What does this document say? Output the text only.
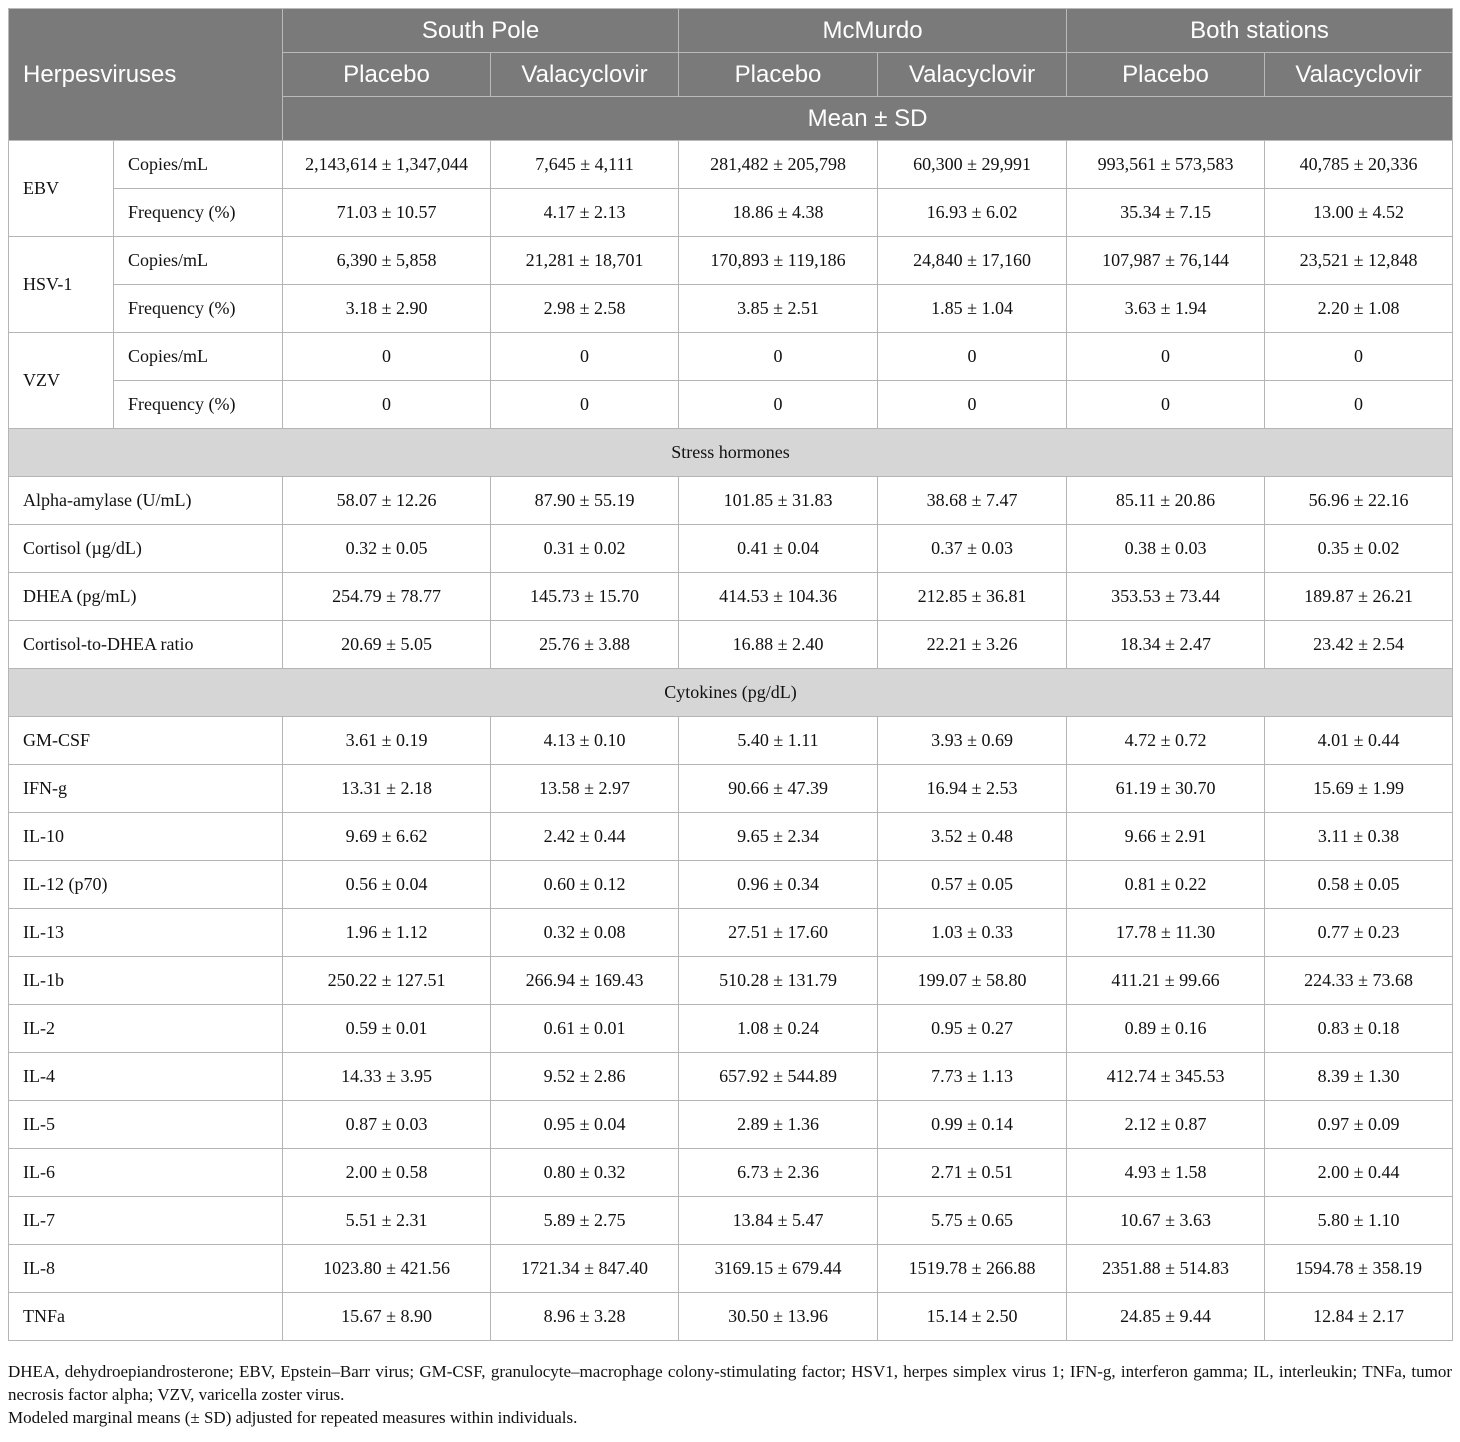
Herpesviruses		South Pole		McMurdo		Both stations	
		Placebo	Valacyclovir	Placebo	Valacyclovir	Placebo	Valacyclovir
		Mean ± SD					
EBV	Copies/mL	2,143,614 ± 1,347,044	7,645 ± 4,111	281,482 ± 205,798	60,300 ± 29,991	993,561 ± 573,583	40,785 ± 20,336
	Frequency (%)	71.03 ± 10.57	4.17 ± 2.13	18.86 ± 4.38	16.93 ± 6.02	35.34 ± 7.15	13.00 ± 4.52
HSV-1	Copies/mL	6,390 ± 5,858	21,281 ± 18,701	170,893 ± 119,186	24,840 ± 17,160	107,987 ± 76,144	23,521 ± 12,848
	Frequency (%)	3.18 ± 2.90	2.98 ± 2.58	3.85 ± 2.51	1.85 ± 1.04	3.63 ± 1.94	2.20 ± 1.08
VZV	Copies/mL	0	0	0	0	0	0
	Frequency (%)	0	0	0	0	0	0
Stress hormones							
Alpha-amylase (U/mL)		58.07 ± 12.26	87.90 ± 55.19	101.85 ± 31.83	38.68 ± 7.47	85.11 ± 20.86	56.96 ± 22.16
Cortisol (µg/dL)		0.32 ± 0.05	0.31 ± 0.02	0.41 ± 0.04	0.37 ± 0.03	0.38 ± 0.03	0.35 ± 0.02
DHEA (pg/mL)		254.79 ± 78.77	145.73 ± 15.70	414.53 ± 104.36	212.85 ± 36.81	353.53 ± 73.44	189.87 ± 26.21
Cortisol-to-DHEA ratio		20.69 ± 5.05	25.76 ± 3.88	16.88 ± 2.40	22.21 ± 3.26	18.34 ± 2.47	23.42 ± 2.54
Cytokines (pg/dL)							
GM-CSF		3.61 ± 0.19	4.13 ± 0.10	5.40 ± 1.11	3.93 ± 0.69	4.72 ± 0.72	4.01 ± 0.44
IFN-g		13.31 ± 2.18	13.58 ± 2.97	90.66 ± 47.39	16.94 ± 2.53	61.19 ± 30.70	15.69 ± 1.99
IL-10		9.69 ± 6.62	2.42 ± 0.44	9.65 ± 2.34	3.52 ± 0.48	9.66 ± 2.91	3.11 ± 0.38
IL-12 (p70)		0.56 ± 0.04	0.60 ± 0.12	0.96 ± 0.34	0.57 ± 0.05	0.81 ± 0.22	0.58 ± 0.05
IL-13		1.96 ± 1.12	0.32 ± 0.08	27.51 ± 17.60	1.03 ± 0.33	17.78 ± 11.30	0.77 ± 0.23
IL-1b		250.22 ± 127.51	266.94 ± 169.43	510.28 ± 131.79	199.07 ± 58.80	411.21 ± 99.66	224.33 ± 73.68
IL-2		0.59 ± 0.01	0.61 ± 0.01	1.08 ± 0.24	0.95 ± 0.27	0.89 ± 0.16	0.83 ± 0.18
IL-4		14.33 ± 3.95	9.52 ± 2.86	657.92 ± 544.89	7.73 ± 1.13	412.74 ± 345.53	8.39 ± 1.30
IL-5		0.87 ± 0.03	0.95 ± 0.04	2.89 ± 1.36	0.99 ± 0.14	2.12 ± 0.87	0.97 ± 0.09
IL-6		2.00 ± 0.58	0.80 ± 0.32	6.73 ± 2.36	2.71 ± 0.51	4.93 ± 1.58	2.00 ± 0.44
IL-7		5.51 ± 2.31	5.89 ± 2.75	13.84 ± 5.47	5.75 ± 0.65	10.67 ± 3.63	5.80 ± 1.10
IL-8		1023.80 ± 421.56	1721.34 ± 847.40	3169.15 ± 679.44	1519.78 ± 266.88	2351.88 ± 514.83	1594.78 ± 358.19
TNFa		15.67 ± 8.90	8.96 ± 3.28	30.50 ± 13.96	15.14 ± 2.50	24.85 ± 9.44	12.84 ± 2.17

DHEA, dehydroepiandrosterone; EBV, Epstein–Barr virus; GM-CSF, granulocyte–macrophage colony-stimulating factor; HSV1, herpes simplex virus 1; IFN-g, interferon gamma; IL, interleukin; TNFa, tumor necrosis factor alpha; VZV, varicella zoster virus.

Modeled marginal means (± SD) adjusted for repeated measures within individuals.
